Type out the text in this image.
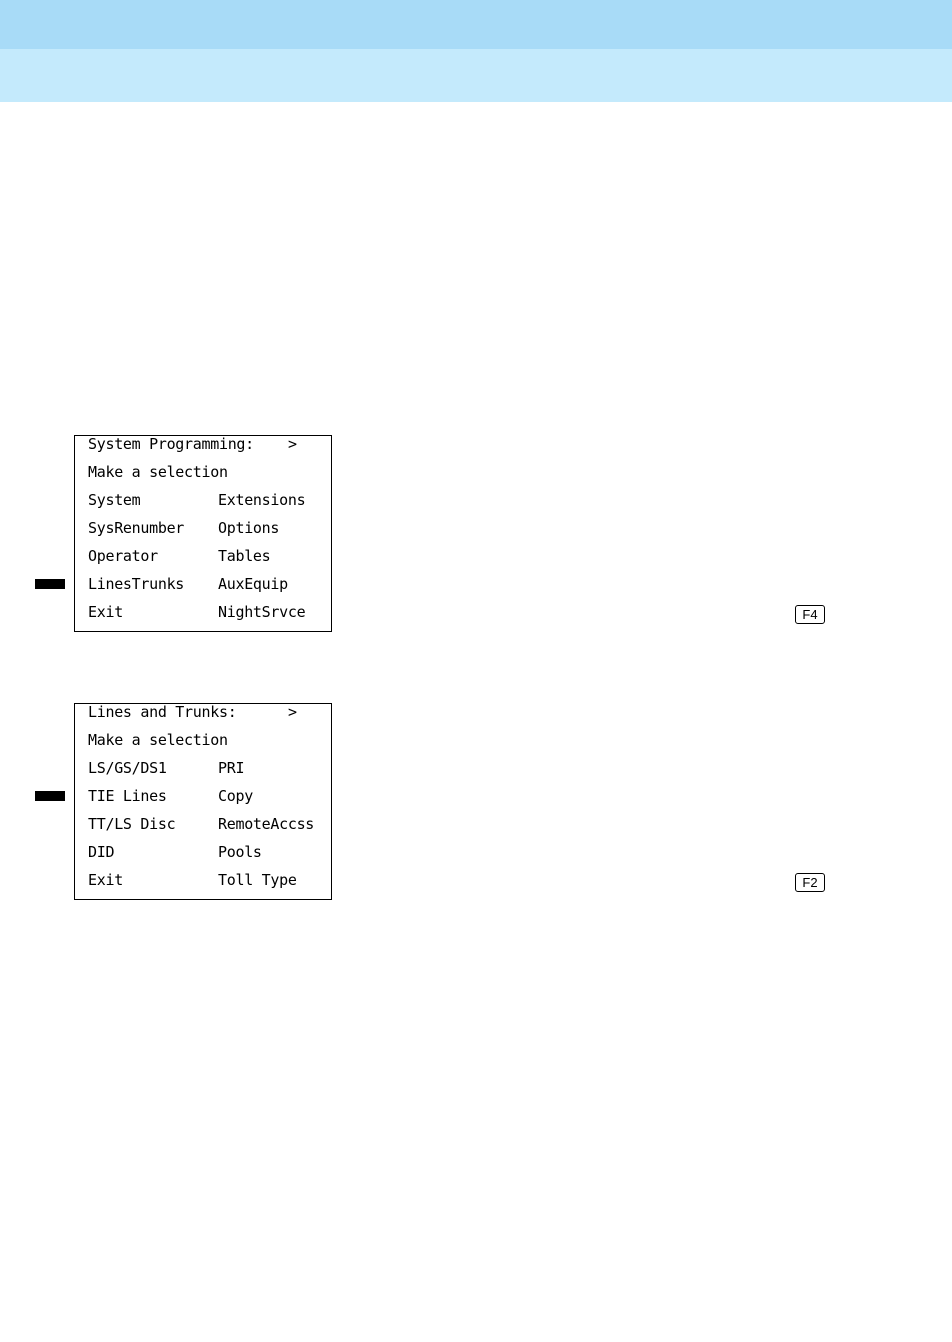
System Programming: >
Make a selection
System	Extensions
SysRenumber Options
Operator	Tables
LinesTrunks AuxEquip
Exit	NightSrvce	F4
Lines and Trunks:	>
Make a selection
LS/GS/DS1	PRI
TIE Lines	Copy
TT/LS Disc	RemoteAccss
DID	Pools
Exit	Toll Type	F2
